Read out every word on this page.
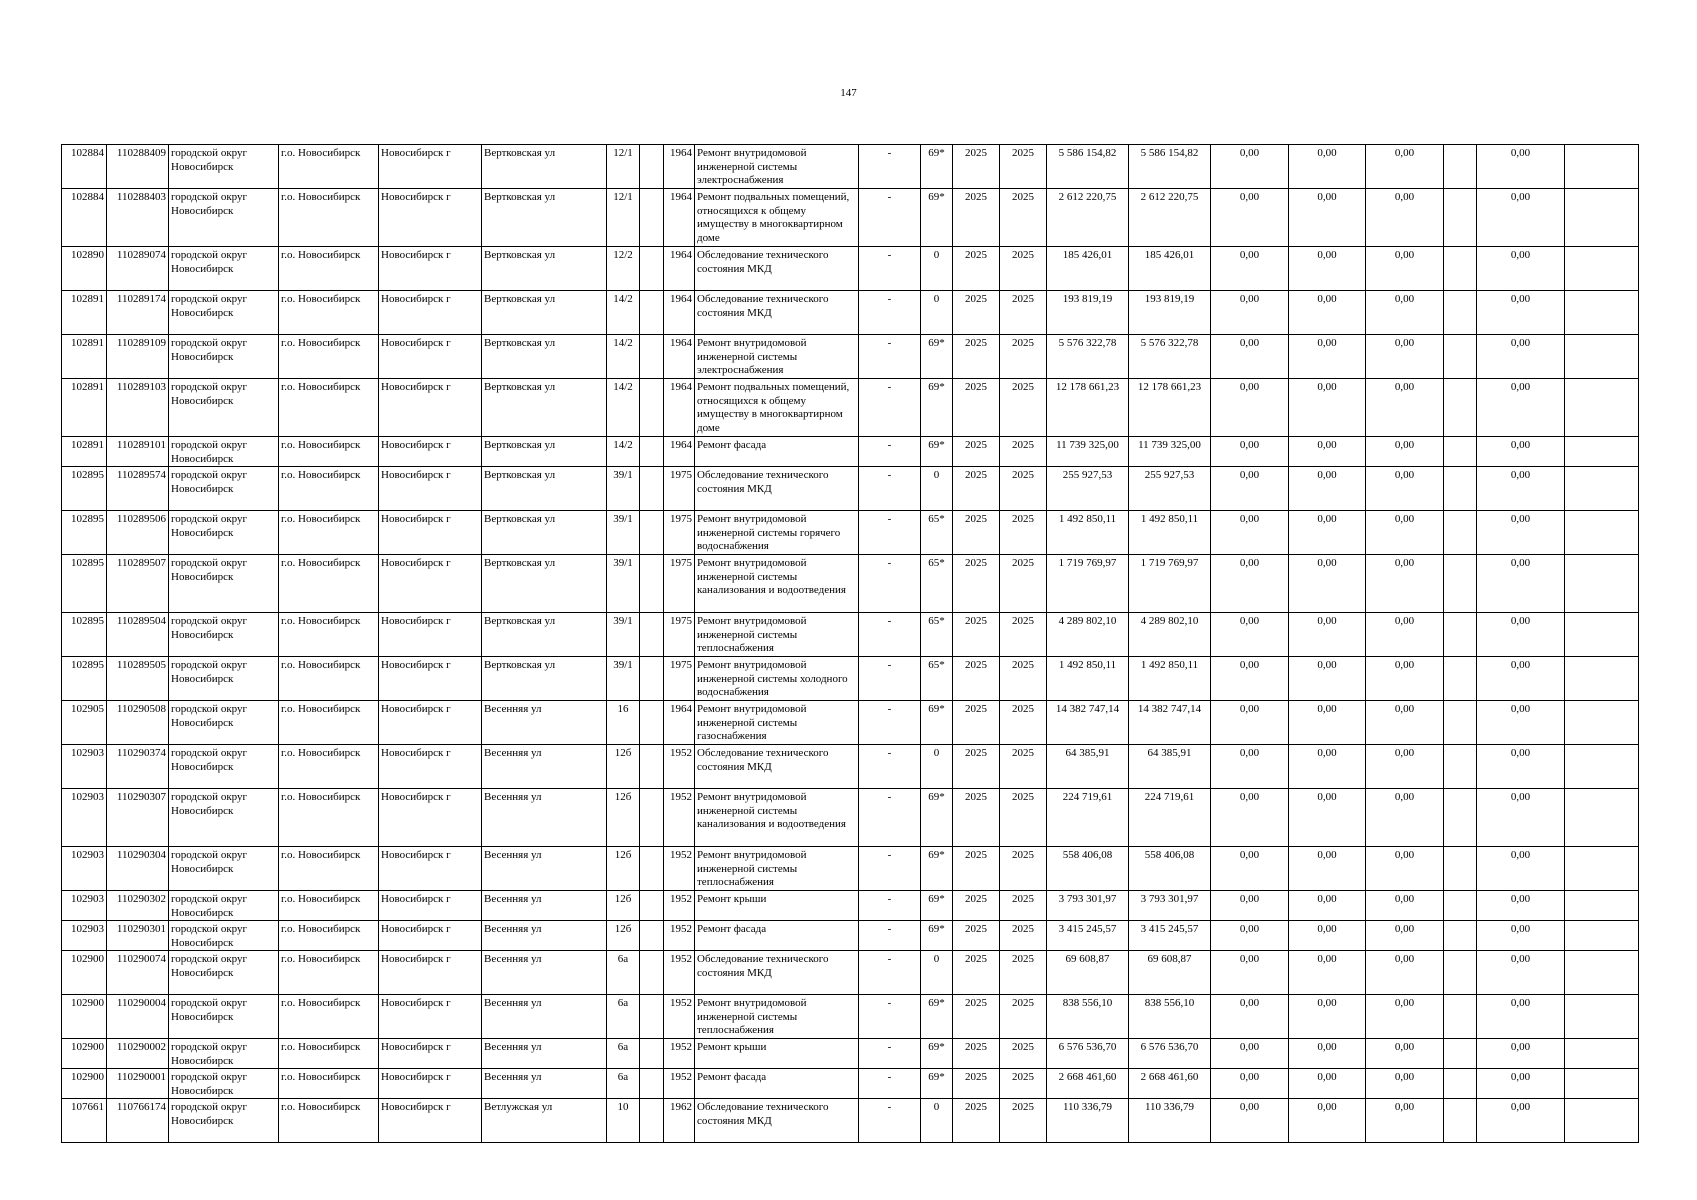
147
102884	110288409	городской округ Новосибирск	г.о. Новосибирск	Новосибирск г	Вертковская ул	12/1		1964	Ремонт внутридомовой инженерной системы электроснабжения	-	69*	2025	2025	5 586 154,82	5 586 154,82	0,00	0,00	0,00		0,00	
102884	110288403	городской округ Новосибирск	г.о. Новосибирск	Новосибирск г	Вертковская ул	12/1		1964	Ремонт подвальных помещений, относящихся к общему имуществу в многоквартирном доме	-	69*	2025	2025	2 612 220,75	2 612 220,75	0,00	0,00	0,00		0,00	
102890	110289074	городской округ Новосибирск	г.о. Новосибирск	Новосибирск г	Вертковская ул	12/2		1964	Обследование технического состояния МКД	-	0	2025	2025	185 426,01	185 426,01	0,00	0,00	0,00		0,00	
102891	110289174	городской округ Новосибирск	г.о. Новосибирск	Новосибирск г	Вертковская ул	14/2		1964	Обследование технического состояния МКД	-	0	2025	2025	193 819,19	193 819,19	0,00	0,00	0,00		0,00	
102891	110289109	городской округ Новосибирск	г.о. Новосибирск	Новосибирск г	Вертковская ул	14/2		1964	Ремонт внутридомовой инженерной системы электроснабжения	-	69*	2025	2025	5 576 322,78	5 576 322,78	0,00	0,00	0,00		0,00	
102891	110289103	городской округ Новосибирск	г.о. Новосибирск	Новосибирск г	Вертковская ул	14/2		1964	Ремонт подвальных помещений, относящихся к общему имуществу в многоквартирном доме	-	69*	2025	2025	12 178 661,23	12 178 661,23	0,00	0,00	0,00		0,00	
102891	110289101	городской округ Новосибирск	г.о. Новосибирск	Новосибирск г	Вертковская ул	14/2		1964	Ремонт фасада	-	69*	2025	2025	11 739 325,00	11 739 325,00	0,00	0,00	0,00		0,00	
102895	110289574	городской округ Новосибирск	г.о. Новосибирск	Новосибирск г	Вертковская ул	39/1		1975	Обследование технического состояния МКД	-	0	2025	2025	255 927,53	255 927,53	0,00	0,00	0,00		0,00	
102895	110289506	городской округ Новосибирск	г.о. Новосибирск	Новосибирск г	Вертковская ул	39/1		1975	Ремонт внутридомовой инженерной системы горячего водоснабжения	-	65*	2025	2025	1 492 850,11	1 492 850,11	0,00	0,00	0,00		0,00	
102895	110289507	городской округ Новосибирск	г.о. Новосибирск	Новосибирск г	Вертковская ул	39/1		1975	Ремонт внутридомовой инженерной системы канализования и водоотведения	-	65*	2025	2025	1 719 769,97	1 719 769,97	0,00	0,00	0,00		0,00	
102895	110289504	городской округ Новосибирск	г.о. Новосибирск	Новосибирск г	Вертковская ул	39/1		1975	Ремонт внутридомовой инженерной системы теплоснабжения	-	65*	2025	2025	4 289 802,10	4 289 802,10	0,00	0,00	0,00		0,00	
102895	110289505	городской округ Новосибирск	г.о. Новосибирск	Новосибирск г	Вертковская ул	39/1		1975	Ремонт внутридомовой инженерной системы холодного водоснабжения	-	65*	2025	2025	1 492 850,11	1 492 850,11	0,00	0,00	0,00		0,00	
102905	110290508	городской округ Новосибирск	г.о. Новосибирск	Новосибирск г	Весенняя ул	16		1964	Ремонт внутридомовой инженерной системы газоснабжения	-	69*	2025	2025	14 382 747,14	14 382 747,14	0,00	0,00	0,00		0,00	
102903	110290374	городской округ Новосибирск	г.о. Новосибирск	Новосибирск г	Весенняя ул	12б		1952	Обследование технического состояния МКД	-	0	2025	2025	64 385,91	64 385,91	0,00	0,00	0,00		0,00	
102903	110290307	городской округ Новосибирск	г.о. Новосибирск	Новосибирск г	Весенняя ул	12б		1952	Ремонт внутридомовой инженерной системы канализования и водоотведения	-	69*	2025	2025	224 719,61	224 719,61	0,00	0,00	0,00		0,00	
102903	110290304	городской округ Новосибирск	г.о. Новосибирск	Новосибирск г	Весенняя ул	12б		1952	Ремонт внутридомовой инженерной системы теплоснабжения	-	69*	2025	2025	558 406,08	558 406,08	0,00	0,00	0,00		0,00	
102903	110290302	городской округ Новосибирск	г.о. Новосибирск	Новосибирск г	Весенняя ул	12б		1952	Ремонт крыши	-	69*	2025	2025	3 793 301,97	3 793 301,97	0,00	0,00	0,00		0,00	
102903	110290301	городской округ Новосибирск	г.о. Новосибирск	Новосибирск г	Весенняя ул	12б		1952	Ремонт фасада	-	69*	2025	2025	3 415 245,57	3 415 245,57	0,00	0,00	0,00		0,00	
102900	110290074	городской округ Новосибирск	г.о. Новосибирск	Новосибирск г	Весенняя ул	6а		1952	Обследование технического состояния МКД	-	0	2025	2025	69 608,87	69 608,87	0,00	0,00	0,00		0,00	
102900	110290004	городской округ Новосибирск	г.о. Новосибирск	Новосибирск г	Весенняя ул	6а		1952	Ремонт внутридомовой инженерной системы теплоснабжения	-	69*	2025	2025	838 556,10	838 556,10	0,00	0,00	0,00		0,00	
102900	110290002	городской округ Новосибирск	г.о. Новосибирск	Новосибирск г	Весенняя ул	6а		1952	Ремонт крыши	-	69*	2025	2025	6 576 536,70	6 576 536,70	0,00	0,00	0,00		0,00	
102900	110290001	городской округ Новосибирск	г.о. Новосибирск	Новосибирск г	Весенняя ул	6а		1952	Ремонт фасада	-	69*	2025	2025	2 668 461,60	2 668 461,60	0,00	0,00	0,00		0,00	
107661	110766174	городской округ Новосибирск	г.о. Новосибирск	Новосибирск г	Ветлужская ул	10		1962	Обследование технического состояния МКД	-	0	2025	2025	110 336,79	110 336,79	0,00	0,00	0,00		0,00	
